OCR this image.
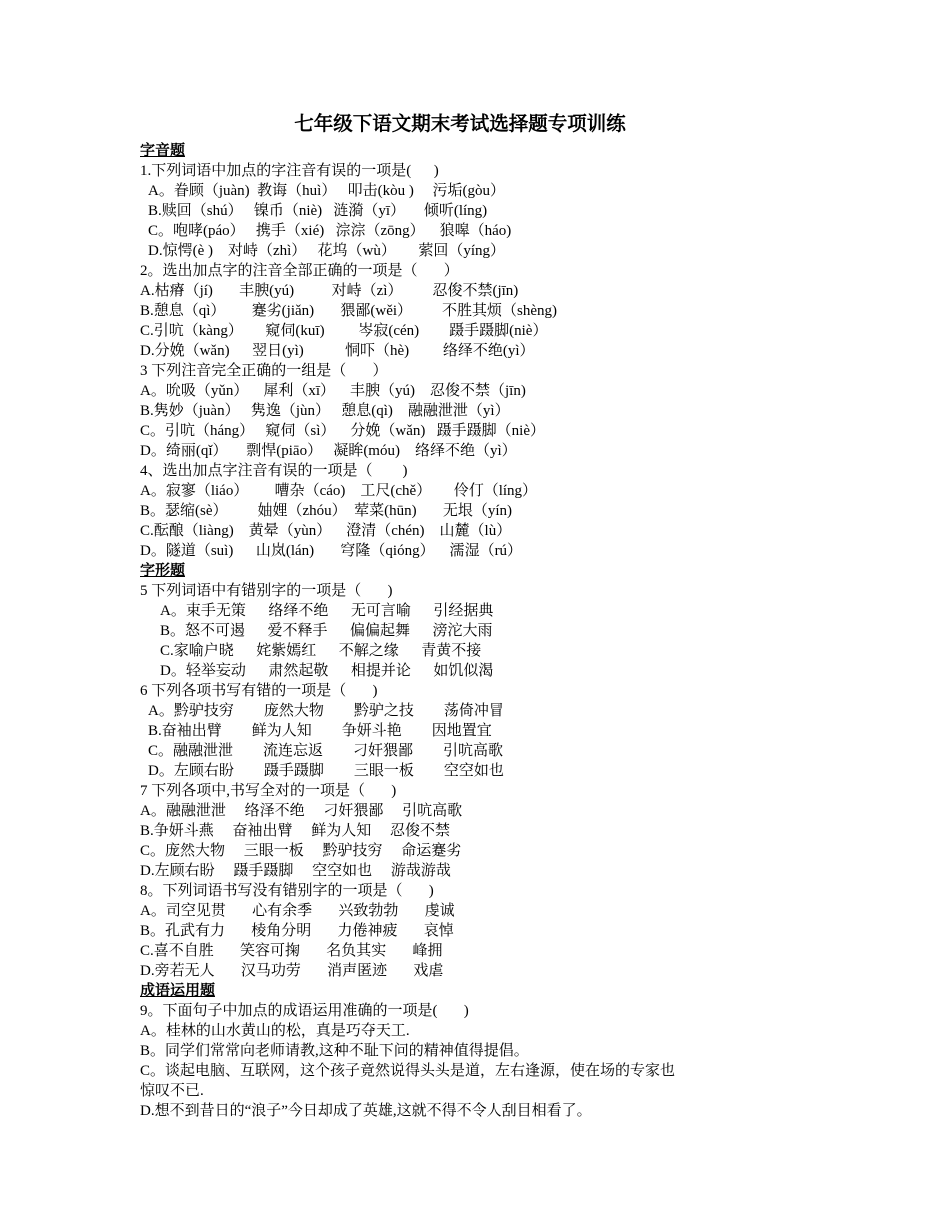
七年级下语文期末考试选择题专项训练
字音题
1.下列词语中加点的字注音有误的一项是(      )
A。眷顾（juàn)  教诲（huì）   叩击(kòu )     污垢(gòu）
B.赎回（shú）   镍币（niè)   涟漪（yī）     倾听(líng)
C。咆哮(páo）   携手（xié)   淙淙（zōng）    狼嗥（háo)
D.惊愕(è )    对峙（zhì）   花坞（wù）      萦回（yíng）
2。选出加点字的注音全部正确的一项是（       ）
A.枯瘠（jí)       丰腴(yú)          对峙（zì）        忍俊不禁(jīn)
B.憩息（qì）       蹇劣(jiǎn)       猥鄙(wěi）        不胜其烦（shèng)
C.引吭（kàng）      窥伺(kuī)         岑寂(cén)        蹑手蹑脚(niè）
D.分娩（wǎn)      翌日(yì)           恫吓（hè)         络绎不绝(yì）
3 下列注音完全正确的一组是（       ）
A。吮吸（yǔn）    犀利（xī）    丰腴（yú)    忍俊不禁（jīn)
B.隽妙（juàn）   隽逸（jùn）   憩息(qì)    融融泄泄（yì）
C。引吭（háng）   窥伺（sì）    分娩（wǎn)   蹑手蹑脚（niè）
D。绮丽(qǐ）     剽悍(piāo）   凝眸(móu)    络绎不绝（yì）
4、选出加点字注音有误的一项是（        )
A。寂寥（liáo）       嘈杂（cáo)    工尺(chě）      伶仃（líng）
B。瑟缩(sè）        妯娌（zhóu）  荤菜(hūn)       无垠（yín)
C.酝酿（liàng)    黄晕（yùn）    澄清（chén)    山麓（lù）
D。隧道（suì)      山岚(lán)       穹隆（qióng）    濡湿（rú）
字形题
5 下列词语中有错别字的一项是（       )
A。束手无策      络绎不绝      无可言喻      引经据典
B。怒不可遏      爱不释手      偏偏起舞      滂沱大雨
C.家喻户晓      姹紫嫣红      不解之缘      青黄不接
D。轻举妄动      肃然起敬      相提并论      如饥似渴
6 下列各项书写有错的一项是（       )
A。黔驴技穷        庞然大物        黔驴之技        荡倚冲冒
B.奋袖出臂        鲜为人知        争妍斗艳        因地置宜
C。融融泄泄        流连忘返        刁奸猥鄙        引吭高歌
D。左顾右盼        蹑手蹑脚        三眼一板        空空如也
7 下列各项中,书写全对的一项是（       )
A。融融泄泄     络泽不绝     刁奸猥鄙     引吭高歌
B.争妍斗燕     奋袖出臂     鲜为人知     忍俊不禁
C。庞然大物     三眼一板     黔驴技穷     命运蹇劣
D.左顾右盼     蹑手蹑脚     空空如也     游哉游哉
8。下列词语书写没有错别字的一项是（       )
A。司空见贯       心有余季       兴致勃勃       虔诚
B。孔武有力       棱角分明       力倦神疲       哀悼
C.喜不自胜       笑容可掬       名负其实       峰拥
D.旁若无人       汉马功劳       消声匿迹       戏虐
成语运用题
9。下面句子中加点的成语运用准确的一项是(       )
A。桂林的山水黄山的松，真是巧夺天工.
B。同学们常常向老师请教,这种不耻下问的精神值得提倡。
C。谈起电脑、互联网，这个孩子竟然说得头头是道，左右逢源，使在场的专家也惊叹不已.
D.想不到昔日的“浪子”今日却成了英雄,这就不得不令人刮目相看了。
